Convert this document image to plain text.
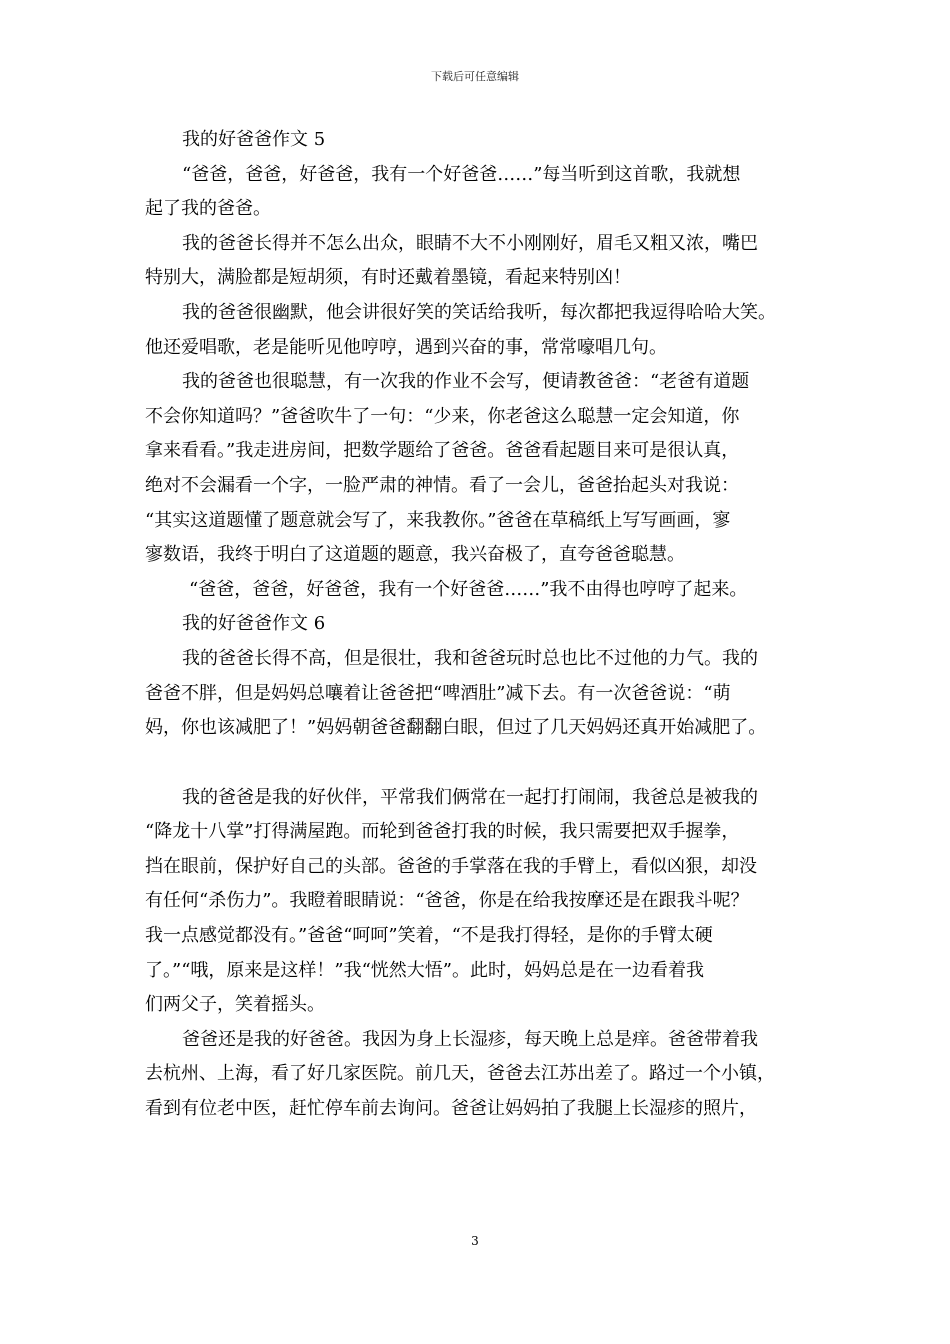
下载后可任意编辑
我的好爸爸作文 5
“爸爸，爸爸，好爸爸，我有一个好爸爸……”每当听到这首歌，我就想
起了我的爸爸。
我的爸爸长得并不怎么出众，眼睛不大不小刚刚好，眉毛又粗又浓，嘴巴
特别大，满脸都是短胡须，有时还戴着墨镜，看起来特别凶！
我的爸爸很幽默，他会讲很好笑的笑话给我听，每次都把我逗得哈哈大笑。
他还爱唱歌，老是能听见他哼哼，遇到兴奋的事，常常嚎唱几句。
我的爸爸也很聪慧，有一次我的作业不会写，便请教爸爸：“老爸有道题
不会你知道吗？”爸爸吹牛了一句：“少来，你老爸这么聪慧一定会知道，你
拿来看看。”我走进房间，把数学题给了爸爸。爸爸看起题目来可是很认真，
绝对不会漏看一个字，一脸严肃的神情。看了一会儿，爸爸抬起头对我说：
“其实这道题懂了题意就会写了，来我教你。”爸爸在草稿纸上写写画画，寥
寥数语，我终于明白了这道题的题意，我兴奋极了，直夸爸爸聪慧。
“爸爸，爸爸，好爸爸，我有一个好爸爸……”我不由得也哼哼了起来。
我的好爸爸作文 6
我的爸爸长得不高，但是很壮，我和爸爸玩时总也比不过他的力气。我的
爸爸不胖，但是妈妈总嚷着让爸爸把“啤酒肚”减下去。有一次爸爸说：“萌
妈，你也该减肥了！”妈妈朝爸爸翻翻白眼，但过了几天妈妈还真开始减肥了。
我的爸爸是我的好伙伴，平常我们俩常在一起打打闹闹，我爸总是被我的
“降龙十八掌”打得满屋跑。而轮到爸爸打我的时候，我只需要把双手握拳，
挡在眼前，保护好自己的头部。爸爸的手掌落在我的手臂上，看似凶狠，却没
有任何“杀伤力”。我瞪着眼睛说：“爸爸，你是在给我按摩还是在跟我斗呢？
我一点感觉都没有。”爸爸“呵呵”笑着，“不是我打得轻，是你的手臂太硬
了。”“哦，原来是这样！”我“恍然大悟”。此时，妈妈总是在一边看着我
们两父子，笑着摇头。
爸爸还是我的好爸爸。我因为身上长湿疹，每天晚上总是痒。爸爸带着我
去杭州、上海，看了好几家医院。前几天，爸爸去江苏出差了。路过一个小镇，
看到有位老中医，赶忙停车前去询问。爸爸让妈妈拍了我腿上长湿疹的照片，
3
